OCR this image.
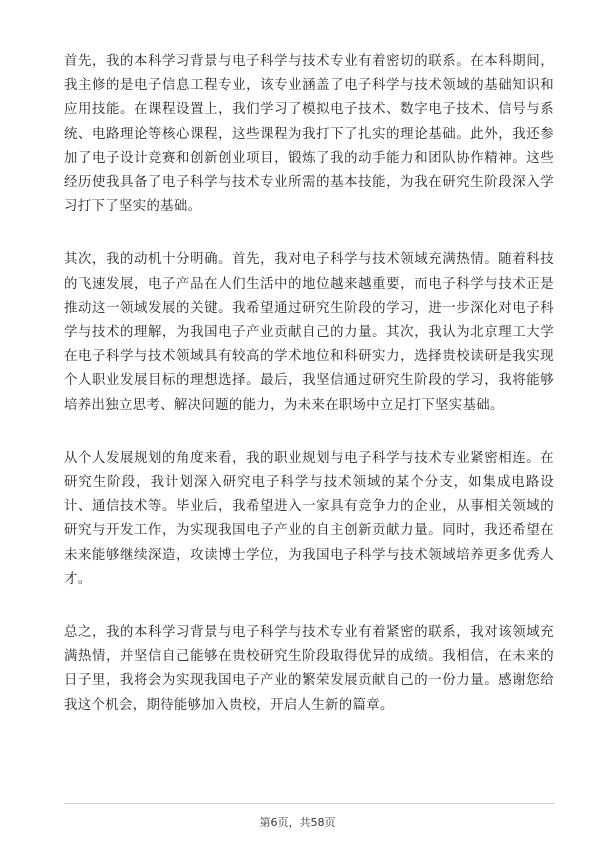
首先，我的本科学习背景与电子科学与技术专业有着密切的联系。在本科期间，我主修的是电子信息工程专业，该专业涵盖了电子科学与技术领域的基础知识和应用技能。在课程设置上，我们学习了模拟电子技术、数字电子技术、信号与系统、电路理论等核心课程，这些课程为我打下了扎实的理论基础。此外，我还参加了电子设计竞赛和创新创业项目，锻炼了我的动手能力和团队协作精神。这些经历使我具备了电子科学与技术专业所需的基本技能，为我在研究生阶段深入学习打下了坚实的基础。

其次，我的动机十分明确。首先，我对电子科学与技术领域充满热情。随着科技的飞速发展，电子产品在人们生活中的地位越来越重要，而电子科学与技术正是推动这一领域发展的关键。我希望通过研究生阶段的学习，进一步深化对电子科学与技术的理解，为我国电子产业贡献自己的力量。其次，我认为北京理工大学在电子科学与技术领域具有较高的学术地位和科研实力，选择贵校读研是我实现个人职业发展目标的理想选择。最后，我坚信通过研究生阶段的学习，我将能够培养出独立思考、解决问题的能力，为未来在职场中立足打下坚实基础。

从个人发展规划的角度来看，我的职业规划与电子科学与技术专业紧密相连。在研究生阶段，我计划深入研究电子科学与技术领域的某个分支，如集成电路设计、通信技术等。毕业后，我希望进入一家具有竞争力的企业，从事相关领域的研究与开发工作，为实现我国电子产业的自主创新贡献力量。同时，我还希望在未来能够继续深造，攻读博士学位，为我国电子科学与技术领域培养更多优秀人才。

总之，我的本科学习背景与电子科学与技术专业有着紧密的联系，我对该领域充满热情，并坚信自己能够在贵校研究生阶段取得优异的成绩。我相信，在未来的日子里，我将会为实现我国电子产业的繁荣发展贡献自己的一份力量。感谢您给我这个机会，期待能够加入贵校，开启人生新的篇章。

第6页，共58页
